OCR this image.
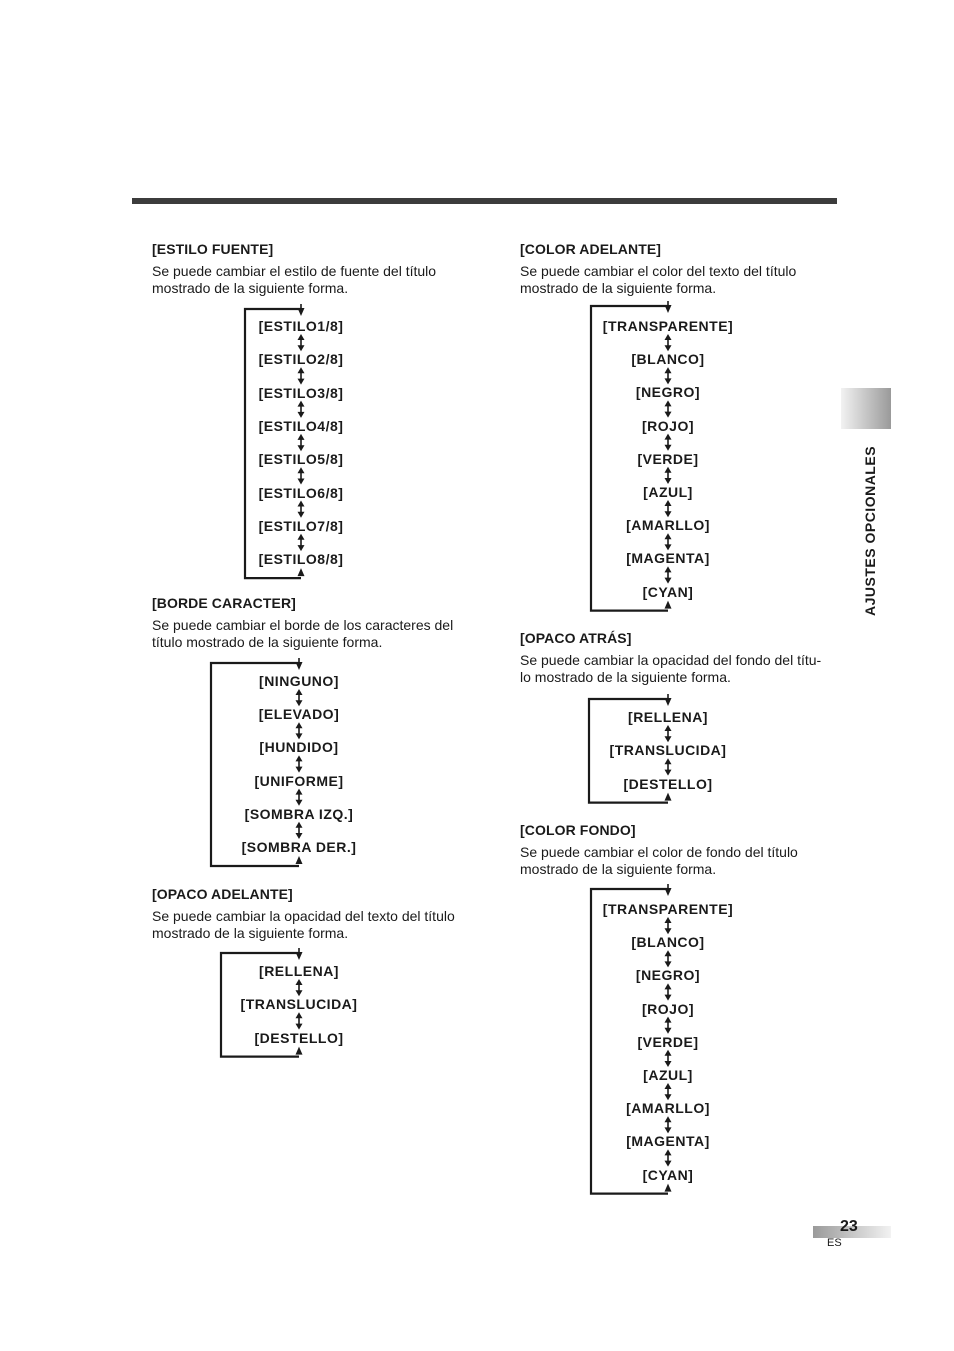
[ESTILO FUENTE]

Se puede cambiar el estilo de fuente del título
mostrado de la siguiente forma.

[ESTILO1/8]
[ESTILO2/8]
[ESTILO3/8]
[ESTILO4/8]
[ESTILO5/8]
[ESTILO6/8]
[ESTILO7/8]
[ESTILO8/8]

[BORDE CARACTER]

Se puede cambiar el borde de los caracteres del
título mostrado de la siguiente forma.

[NINGUNO]
[ELEVADO]
[HUNDIDO]
[UNIFORME]
[SOMBRA IZQ.]
[SOMBRA DER.]

[OPACO ADELANTE]

Se puede cambiar la opacidad del texto del título
mostrado de la siguiente forma.

[RELLENA]
[TRANSLUCIDA]
[DESTELLO]

[COLOR ADELANTE]

Se puede cambiar el color del texto del título
mostrado de la siguiente forma.

[TRANSPARENTE]
[BLANCO]
[NEGRO]
[ROJO]
[VERDE]
[AZUL]
[AMARLLO]
[MAGENTA]
[CYAN]

[OPACO ATRÁS]

Se puede cambiar la opacidad del fondo del títu-
lo mostrado de la siguiente forma.

[RELLENA]
[TRANSLUCIDA]
[DESTELLO]

[COLOR FONDO]

Se puede cambiar el color de fondo del título
mostrado de la siguiente forma.

[TRANSPARENTE]
[BLANCO]
[NEGRO]
[ROJO]
[VERDE]
[AZUL]
[AMARLLO]
[MAGENTA]
[CYAN]
AJUSTES OPCIONALES
23
ES
